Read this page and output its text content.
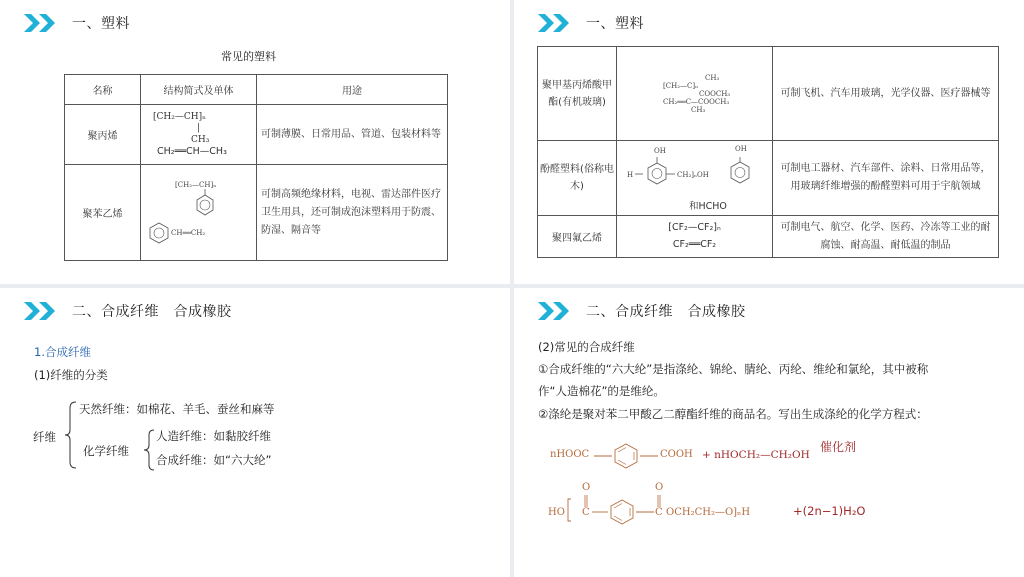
一、塑料
常见的塑料
名称	结构简式及单体	用途
聚丙烯	[CH₂—CH]ₙ
|
CH₃
CH₂══CH—CH₃	可制薄膜、日常用品、管道、包装材料等
聚苯乙烯	[CH₂—CH]ₙ
CH══CH₂	可制高频绝缘材料，电视、雷达部件医疗卫生用具，还可制成泡沫塑料用于防震、防湿、隔音等
一、塑料
聚甲基丙烯酸甲酯(有机玻璃)	CH₃
[CH₂—C]ₙ
COOCH₃
CH₂══C—COOCH₃
CH₃	可制飞机、汽车用玻璃，光学仪器、医疗器械等
酚醛塑料(俗称电木)	OH OH
H CH₂]ₙOH
和HCHO	可制电工器材、汽车部件、涂料、日常用品等，用玻璃纤维增强的酚醛塑料可用于宇航领域
聚四氟乙烯	[CF₂—CF₂]ₙ
CF₂══CF₂	可制电气、航空、化学、医药、冷冻等工业的耐腐蚀、耐高温、耐低温的制品
二、合成纤维　合成橡胶
1.合成纤维
(1)纤维的分类
纤维
天然纤维：如棉花、羊毛、蚕丝和麻等
化学纤维
人造纤维：如黏胶纤维
合成纤维：如“六大纶”
二、合成纤维　合成橡胶
(2)常见的合成纤维
①合成纤维的“六大纶”是指涤纶、锦纶、腈纶、丙纶、维纶和氯纶，其中被称
作“人造棉花”的是维纶。
②涤纶是聚对苯二甲酸乙二醇酯纤维的商品名。写出生成涤纶的化学方程式：
nHOOC	COOH + nHOCH₂—CH₂OH
催化剂
HO
O
C
O
C OCH₂CH₂—O]ₙH	+(2n−1)H₂O
